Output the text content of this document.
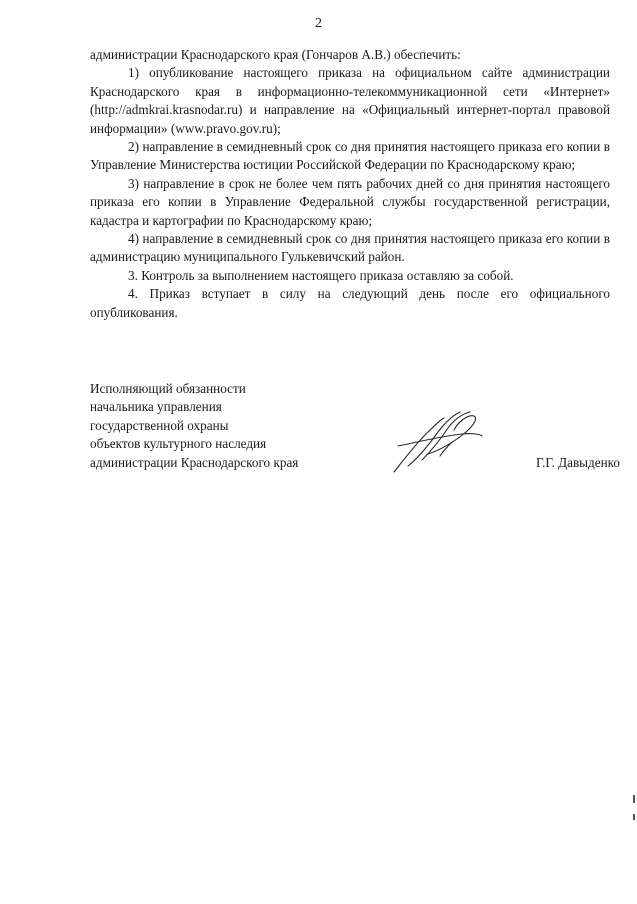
2

администрации Краснодарского края (Гончаров А.В.) обеспечить:

1) опубликование настоящего приказа на официальном сайте администрации Краснодарского края в информационно-телекоммуникационной сети «Интернет» (http://admkrai.krasnodar.ru) и направление на «Официальный интернет-портал правовой информации» (www.pravo.gov.ru);

2) направление в семидневный срок со дня принятия настоящего приказа его копии в Управление Министерства юстиции Российской Федерации по Краснодарскому краю;

3) направление в срок не более чем пять рабочих дней со дня принятия настоящего приказа его копии в Управление Федеральной службы государственной регистрации, кадастра и картографии по Краснодарскому краю;

4) направление в семидневный срок со дня принятия настоящего приказа его копии в администрацию муниципального Гулькевичский район.

3. Контроль за выполнением настоящего приказа оставляю за собой.

4. Приказ вступает в силу на следующий день после его официального опубликования.

Исполняющий обязанности
начальника управления
государственной охраны
объектов культурного наследия
администрации Краснодарского края	Г.Г. Давыденко
